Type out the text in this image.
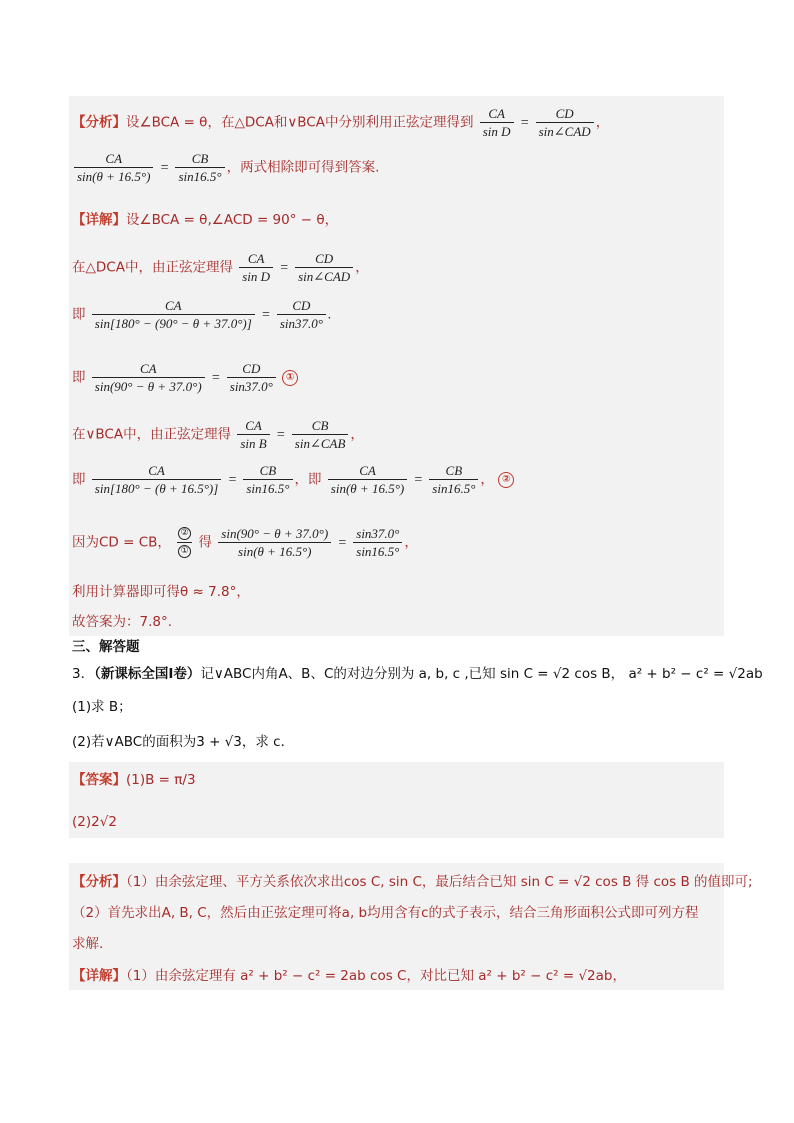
【分析】设∠BCA = θ，在△DCA和∨BCA中分别利用正弦定理得到 $\frac{CA}{\text{sin D}} = \frac{CD}{\text{sin∠CAD}}$ ，
$\frac{CA}{\sin(\theta + 16.5^\circ)} = \frac{CB}{\sin 16.5^\circ}$ ，两式相除即可得到答案.
【详解】设∠BCA = θ,∠ACD = 90° − θ，
在△DCA中，由正弦定理得 $\frac{CA}{\text{sin D}} = \frac{CD}{\text{sin∠CAD}}$ ，
即 $\frac{CA}{\sin[180^\circ - (90^\circ - \theta + 37.0^\circ)]} = \frac{CD}{\sin 37.0^\circ}$ .
即 $\frac{CA}{\sin(90^\circ - \theta + 37.0^\circ)} = \frac{CD}{\sin 37.0^\circ}$ ①
在∨BCA中，由正弦定理得 $\frac{CA}{\text{sin B}} = \frac{CB}{\text{sin∠CAB}}$ ，
即 $\frac{CA}{\sin[180^\circ - (\theta + 16.5^\circ)]} = \frac{CB}{\sin 16.5^\circ}$ ，即 $\frac{CA}{\sin(\theta + 16.5^\circ)} = \frac{CB}{\sin 16.5^\circ}$ ， ②
因为CD = CB， $\frac{\text{②}}{\text{①}}$ 得 $\frac{\sin(90^\circ - \theta + 37.0^\circ)}{\sin(\theta + 16.5^\circ)} = \frac{\sin 37.0^\circ}{\sin 16.5^\circ}$ ，
利用计算器即可得θ ≈ 7.8°，
故答案为：7.8°.
三、解答题
3．（新课标全国Ⅰ卷）记∨ABC内角A、B、C的对边分别为 a, b, c ,已知 sin C = √2 cos B， a² + b² − c² = √2ab
(1)求 B；
(2)若∨ABC的面积为3 + √3，求 c．
【答案】(1)B = π/3
(2)2√2
【分析】（1）由余弦定理、平方关系依次求出cos C, sin C，最后结合已知 sin C = √2 cos B 得 cos B 的值即可;
（2）首先求出A, B, C，然后由正弦定理可将a, b均用含有c的式子表示，结合三角形面积公式即可列方程
求解.
【详解】（1）由余弦定理有 a² + b² − c² = 2ab cos C，对比已知 a² + b² − c² = √2ab，
